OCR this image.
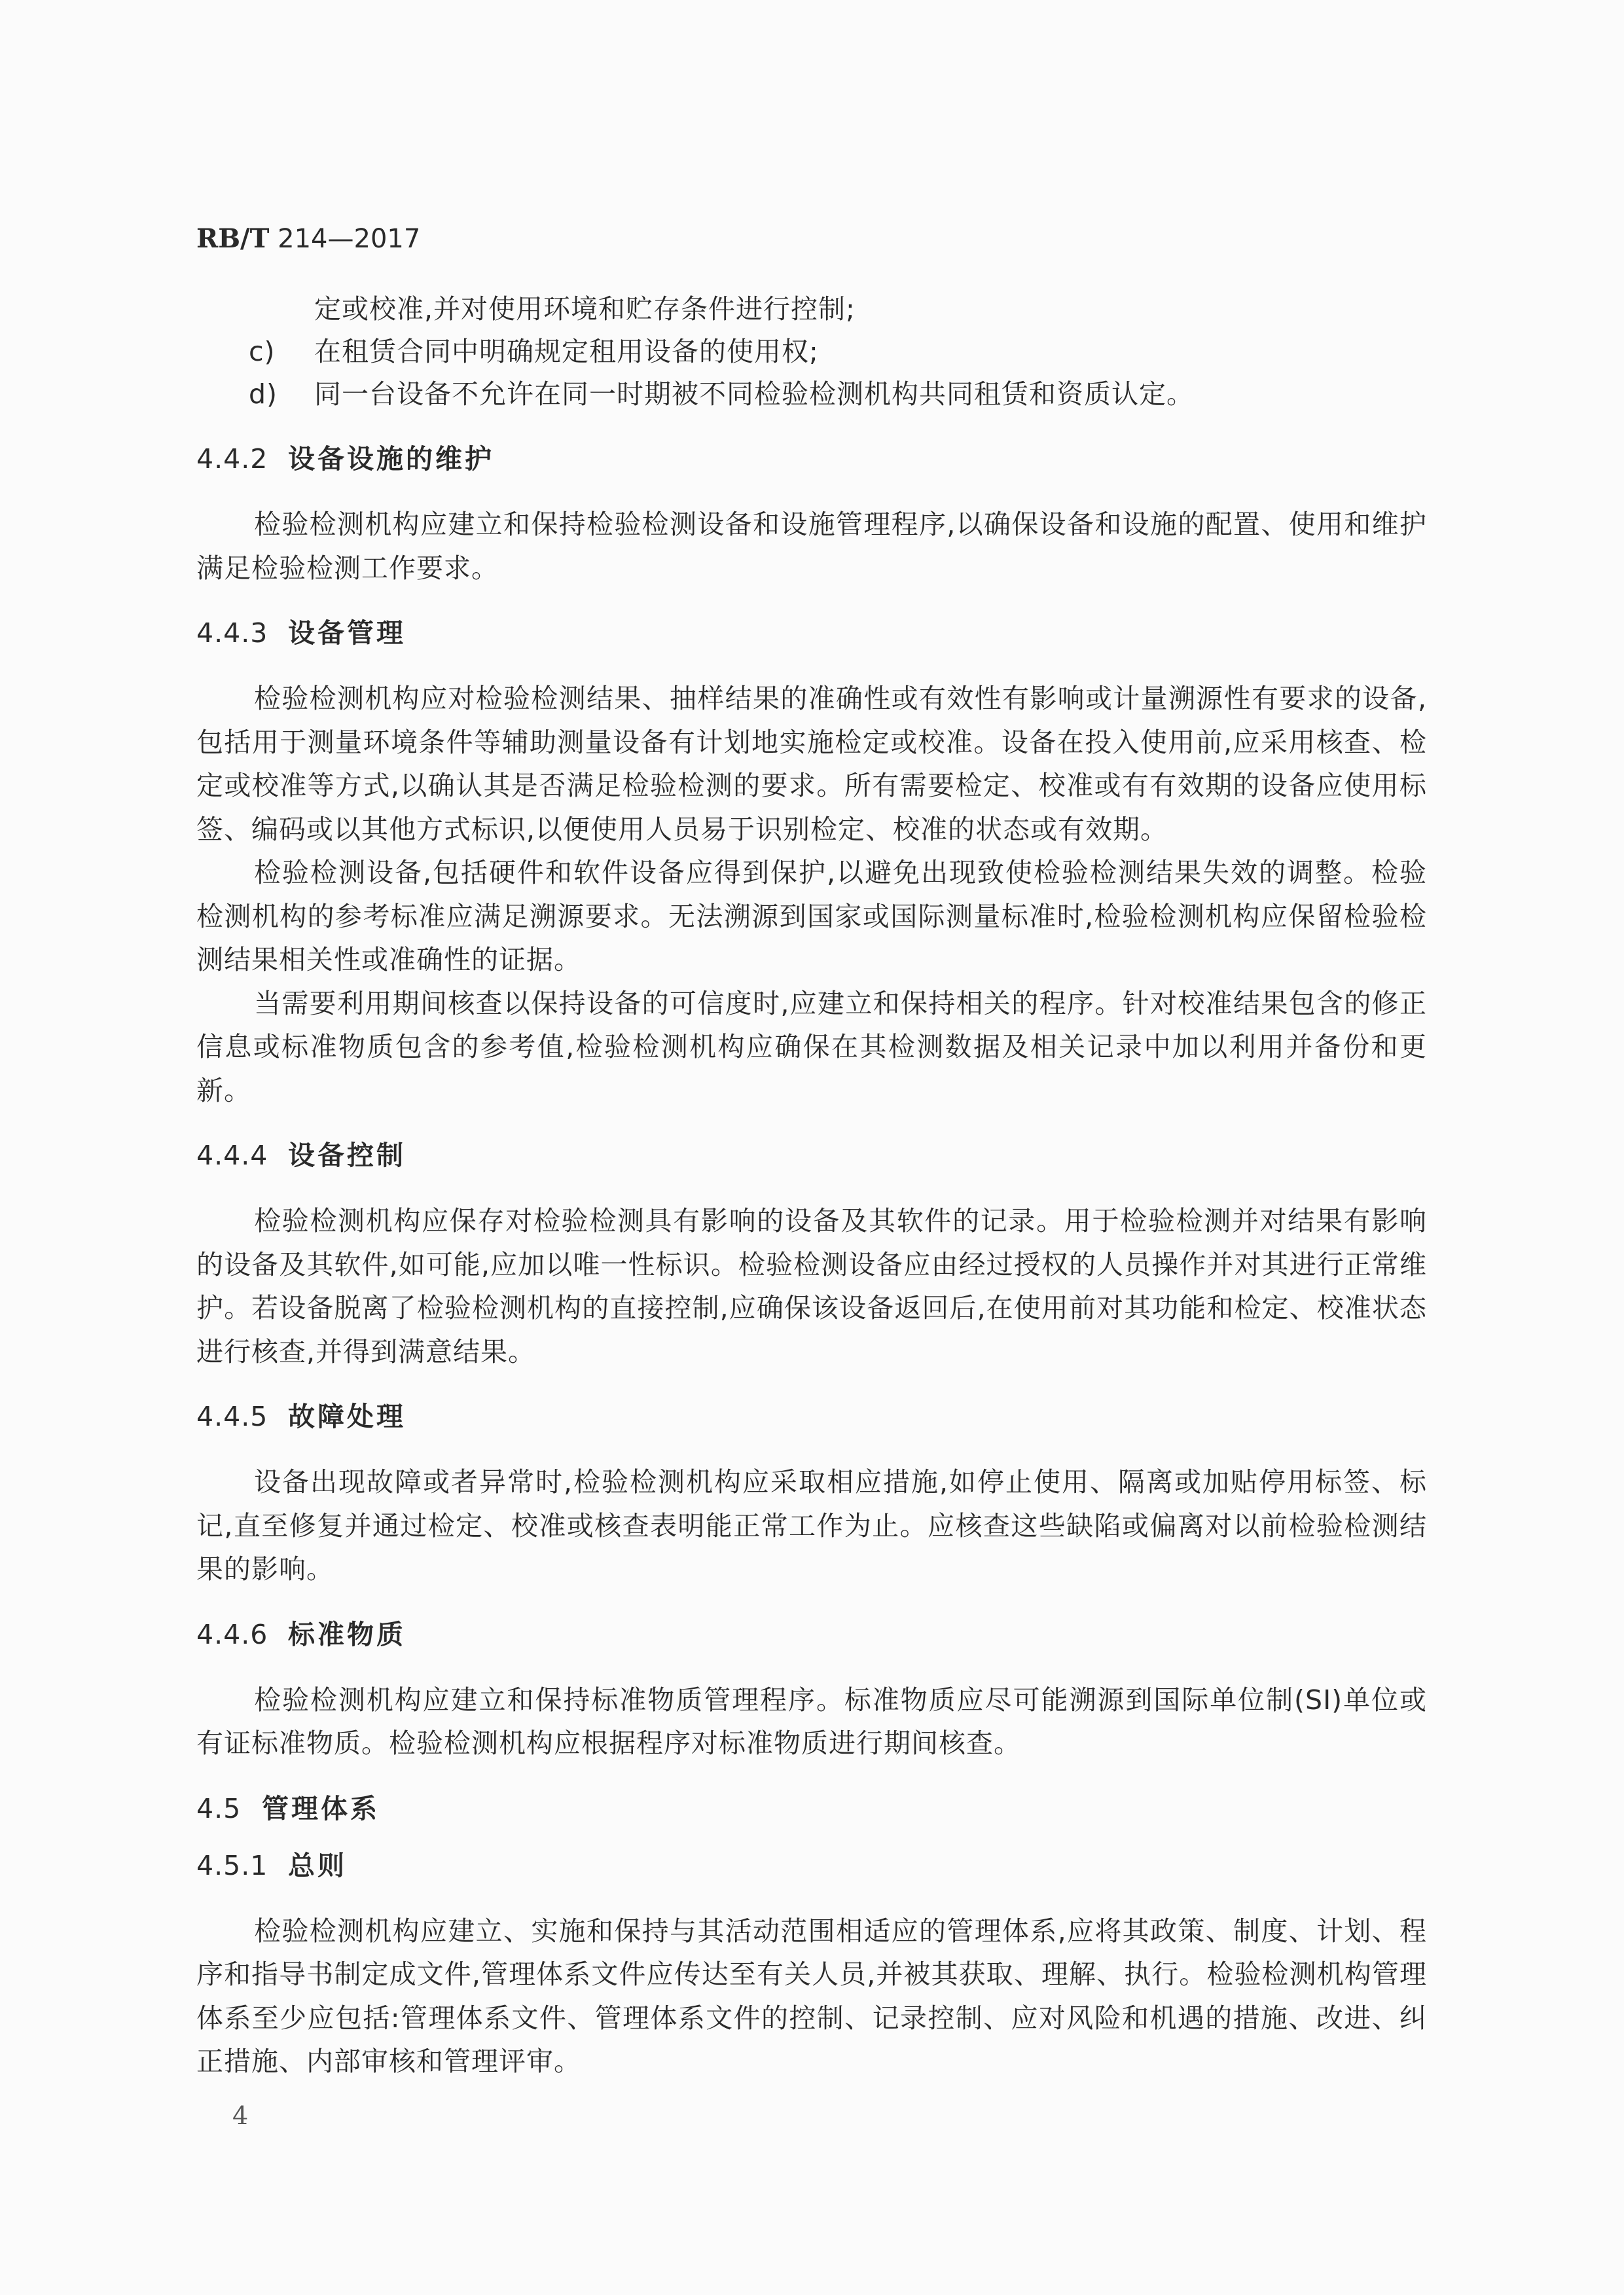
RB/T 214—2017
定或校准,并对使用环境和贮存条件进行控制;
c) 在租赁合同中明确规定租用设备的使用权;
d) 同一台设备不允许在同一时期被不同检验检测机构共同租赁和资质认定。
4.4.2 设备设施的维护

检验检测机构应建立和保持检验检测设备和设施管理程序,以确保设备和设施的配置、使用和维护满足检验检测工作要求。

4.4.3 设备管理

检验检测机构应对检验检测结果、抽样结果的准确性或有效性有影响或计量溯源性有要求的设备,包括用于测量环境条件等辅助测量设备有计划地实施检定或校准。设备在投入使用前,应采用核查、检定或校准等方式,以确认其是否满足检验检测的要求。所有需要检定、校准或有有效期的设备应使用标签、编码或以其他方式标识,以便使用人员易于识别检定、校准的状态或有效期。

检验检测设备,包括硬件和软件设备应得到保护,以避免出现致使检验检测结果失效的调整。检验检测机构的参考标准应满足溯源要求。无法溯源到国家或国际测量标准时,检验检测机构应保留检验检测结果相关性或准确性的证据。

当需要利用期间核查以保持设备的可信度时,应建立和保持相关的程序。针对校准结果包含的修正信息或标准物质包含的参考值,检验检测机构应确保在其检测数据及相关记录中加以利用并备份和更新。

4.4.4 设备控制

检验检测机构应保存对检验检测具有影响的设备及其软件的记录。用于检验检测并对结果有影响的设备及其软件,如可能,应加以唯一性标识。检验检测设备应由经过授权的人员操作并对其进行正常维护。若设备脱离了检验检测机构的直接控制,应确保该设备返回后,在使用前对其功能和检定、校准状态进行核查,并得到满意结果。

4.4.5 故障处理

设备出现故障或者异常时,检验检测机构应采取相应措施,如停止使用、隔离或加贴停用标签、标记,直至修复并通过检定、校准或核查表明能正常工作为止。应核查这些缺陷或偏离对以前检验检测结果的影响。

4.4.6 标准物质

检验检测机构应建立和保持标准物质管理程序。标准物质应尽可能溯源到国际单位制(SI)单位或有证标准物质。检验检测机构应根据程序对标准物质进行期间核查。

4.5 管理体系
4.5.1 总则

检验检测机构应建立、实施和保持与其活动范围相适应的管理体系,应将其政策、制度、计划、程序和指导书制定成文件,管理体系文件应传达至有关人员,并被其获取、理解、执行。检验检测机构管理体系至少应包括:管理体系文件、管理体系文件的控制、记录控制、应对风险和机遇的措施、改进、纠正措施、内部审核和管理评审。

4
